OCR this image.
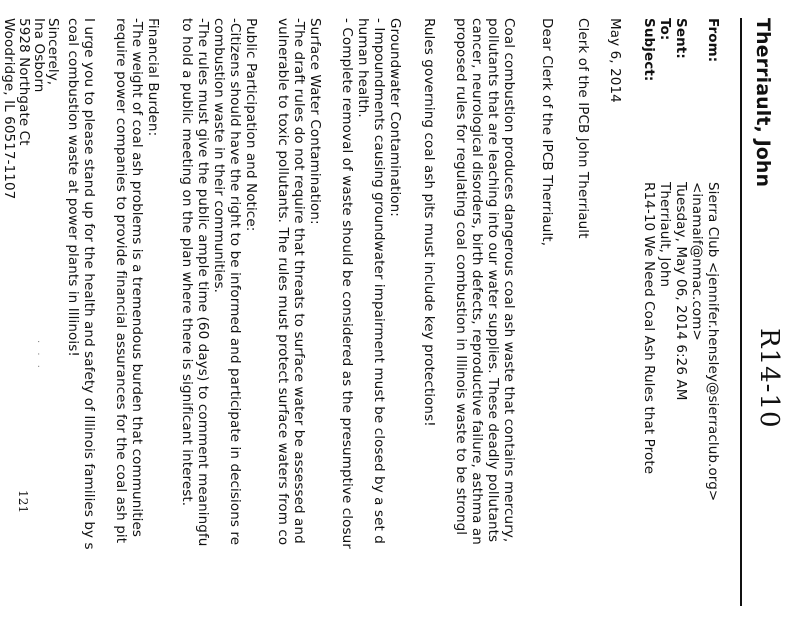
R14-10
Therriault, John
From:
Sierra Club <jennifer.hensley@sierraclub.org>
<inamaif@nmac.com>
Sent:
Tuesday, May 06, 2014 6:26 AM
To:
Therriault, John
Subject:
R14-10 We Need Coal Ash Rules that Prote
May 6, 2014
Clerk of the IPCB John Therriault
Dear Clerk of the IPCB Therriault,
Coal combustion produces dangerous coal ash waste that contains mercury,
pollutants that are leaching into our water supplies. These deadly pollutants
cancer, neurological disorders, birth defects, reproductive failure, asthma an
proposed rules for regulating coal combustion in Illinois waste to be strongl
Rules governing coal ash pits must include key protections!
Groundwater Contamination:
- Impoundments causing groundwater impairment must be closed by a set d
human health.
- Complete removal of waste should be considered as the presumptive closur
Surface Water Contamination:
-The draft rules do not require that threats to surface water be assessed and
vulnerable to toxic pollutants. The rules must protect surface waters from co
Public Participation and Notice:
-Citizens should have the right to be informed and participate in decisions re
combustion waste in their communities.
-The rules must give the public ample time (60 days) to comment meaningfu
to hold a public meeting on the plan where there is significant interest.
Financial Burden:
-The weight of coal ash problems is a tremendous burden that communities
require power companies to provide financial assurances for the coal ash pit
I urge you to please stand up for the health and safety of Illinois families by s
coal combustion waste at power plants in Illinois!
. . .
Sincerely,
121
Ina Osborn
5928 Northgate Ct
Woodridge, IL 60517-1107
